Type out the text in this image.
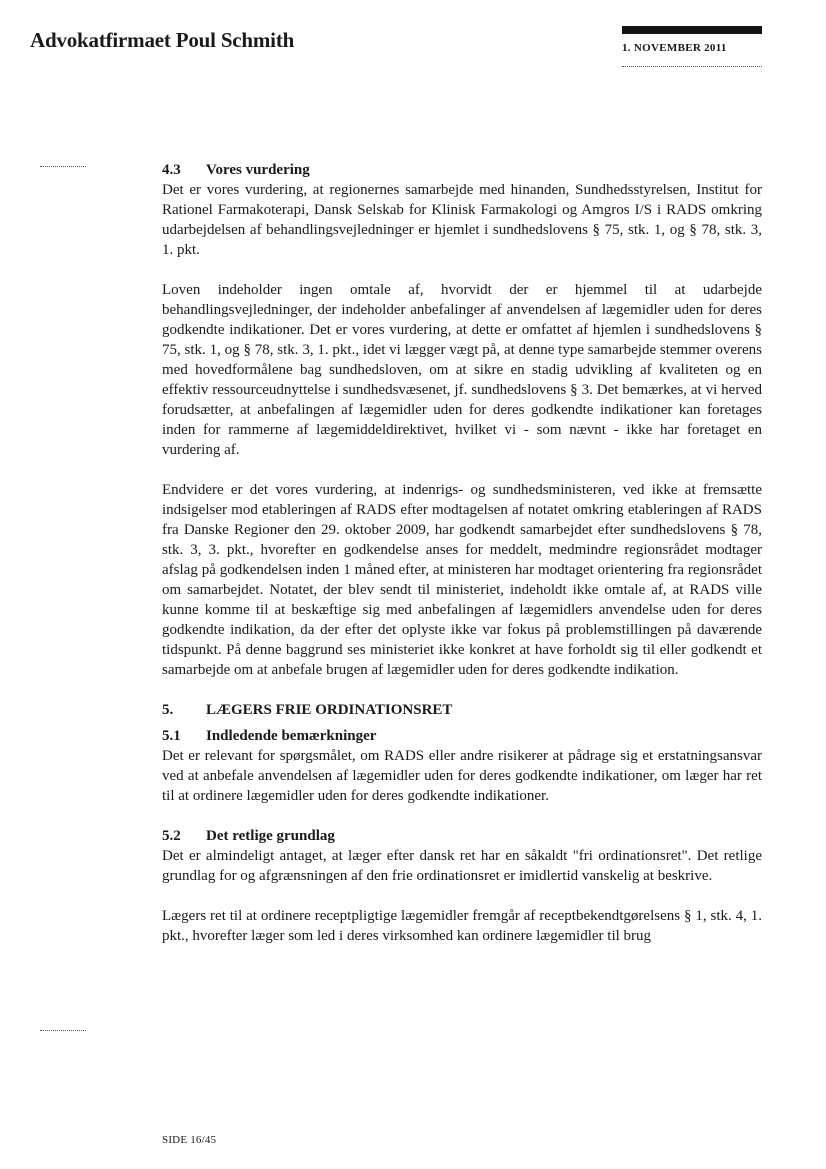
Advokatfirmaet Poul Schmith	1. NOVEMBER 2011
4.3 Vores vurdering

Det er vores vurdering, at regionernes samarbejde med hinanden, Sundhedsstyrelsen, Institut for Rationel Farmakoterapi, Dansk Selskab for Klinisk Farmakologi og Amgros I/S i RADS omkring udarbejdelsen af behandlingsvejledninger er hjemlet i sundhedslovens § 75, stk. 1, og § 78, stk. 3, 1. pkt.

Loven indeholder ingen omtale af, hvorvidt der er hjemmel til at udarbejde behandlingsvejledninger, der indeholder anbefalinger af anvendelsen af lægemidler uden for deres godkendte indikationer. Det er vores vurdering, at dette er omfattet af hjemlen i sundhedslovens § 75, stk. 1, og § 78, stk. 3, 1. pkt., idet vi lægger vægt på, at denne type samarbejde stemmer overens med hovedformålene bag sundhedsloven, om at sikre en stadig udvikling af kvaliteten og en effektiv ressourceudnyttelse i sundhedsvæsenet, jf. sundhedslovens § 3. Det bemærkes, at vi herved forudsætter, at anbefalingen af lægemidler uden for deres godkendte indikationer kan foretages inden for rammerne af lægemiddeldirektivet, hvilket vi - som nævnt - ikke har foretaget en vurdering af.

Endvidere er det vores vurdering, at indenrigs- og sundhedsministeren, ved ikke at fremsætte indsigelser mod etableringen af RADS efter modtagelsen af notatet omkring etableringen af RADS fra Danske Regioner den 29. oktober 2009, har godkendt samarbejdet efter sundhedslovens § 78, stk. 3, 3. pkt., hvorefter en godkendelse anses for meddelt, medmindre regionsrådet modtager afslag på godkendelsen inden 1 måned efter, at ministeren har modtaget orientering fra regionsrådet om samarbejdet. Notatet, der blev sendt til ministeriet, indeholdt ikke omtale af, at RADS ville kunne komme til at beskæftige sig med anbefalingen af lægemidlers anvendelse uden for deres godkendte indikation, da der efter det oplyste ikke var fokus på problemstillingen på daværende tidspunkt. På denne baggrund ses ministeriet ikke konkret at have forholdt sig til eller godkendt et samarbejde om at anbefale brugen af lægemidler uden for deres godkendte indikation.

5. LÆGERS FRIE ORDINATIONSRET
5.1 Indledende bemærkninger

Det er relevant for spørgsmålet, om RADS eller andre risikerer at pådrage sig et erstatningsansvar ved at anbefale anvendelsen af lægemidler uden for deres godkendte indikationer, om læger har ret til at ordinere lægemidler uden for deres godkendte indikationer.

5.2 Det retlige grundlag

Det er almindeligt antaget, at læger efter dansk ret har en såkaldt "fri ordinationsret". Det retlige grundlag for og afgrænsningen af den frie ordinationsret er imidlertid vanskelig at beskrive.

Lægers ret til at ordinere receptpligtige lægemidler fremgår af receptbekendtgørelsens § 1, stk. 4, 1. pkt., hvorefter læger som led i deres virksomhed kan ordinere lægemidler til brug

SIDE 16/45
